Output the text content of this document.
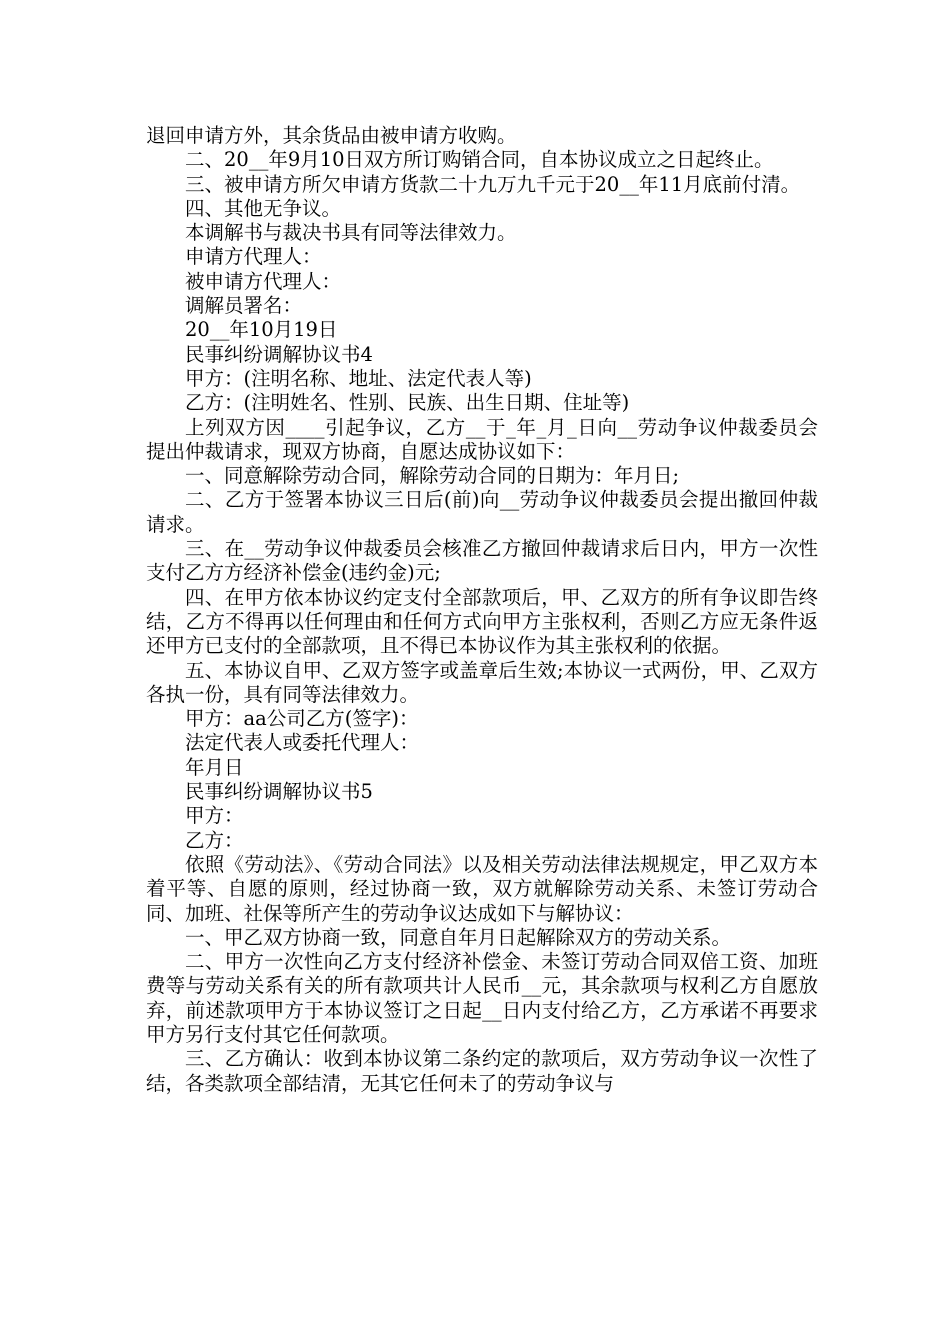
退回申请方外，其余货品由被申请方收购。

二、20__年9月10日双方所订购销合同，自本协议成立之日起终止。

三、被申请方所欠申请方货款二十九万九千元于20__年11月底前付清。

四、其他无争议。

本调解书与裁决书具有同等法律效力。

申请方代理人：

被申请方代理人：

调解员署名：

20__年10月19日

民事纠纷调解协议书4

甲方：(注明名称、地址、法定代表人等)

乙方：(注明姓名、性别、民族、出生日期、住址等)

上列双方因____引起争议，乙方__于_年_月_日向__劳动争议仲裁委员会提出仲裁请求，现双方协商，自愿达成协议如下：

一、同意解除劳动合同，解除劳动合同的日期为：年月日;

二、乙方于签署本协议三日后(前)向__劳动争议仲裁委员会提出撤回仲裁请求。

三、在__劳动争议仲裁委员会核准乙方撤回仲裁请求后日内，甲方一次性支付乙方方经济补偿金(违约金)元;

四、在甲方依本协议约定支付全部款项后，甲、乙双方的所有争议即告终结，乙方不得再以任何理由和任何方式向甲方主张权利，否则乙方应无条件返还甲方已支付的全部款项，且不得已本协议作为其主张权利的依据。

五、本协议自甲、乙双方签字或盖章后生效;本协议一式两份，甲、乙双方各执一份，具有同等法律效力。

甲方：aa公司乙方(签字)：

法定代表人或委托代理人：

年月日

民事纠纷调解协议书5

甲方：

乙方：

依照《劳动法》、《劳动合同法》以及相关劳动法律法规规定，甲乙双方本着平等、自愿的原则，经过协商一致，双方就解除劳动关系、未签订劳动合同、加班、社保等所产生的劳动争议达成如下与解协议：

一、甲乙双方协商一致，同意自年月日起解除双方的劳动关系。

二、甲方一次性向乙方支付经济补偿金、未签订劳动合同双倍工资、加班费等与劳动关系有关的所有款项共计人民币__元，其余款项与权利乙方自愿放弃，前述款项甲方于本协议签订之日起__日内支付给乙方，乙方承诺不再要求甲方另行支付其它任何款项。

三、乙方确认：收到本协议第二条约定的款项后，双方劳动争议一次性了结，各类款项全部结清，无其它任何未了的劳动争议与
